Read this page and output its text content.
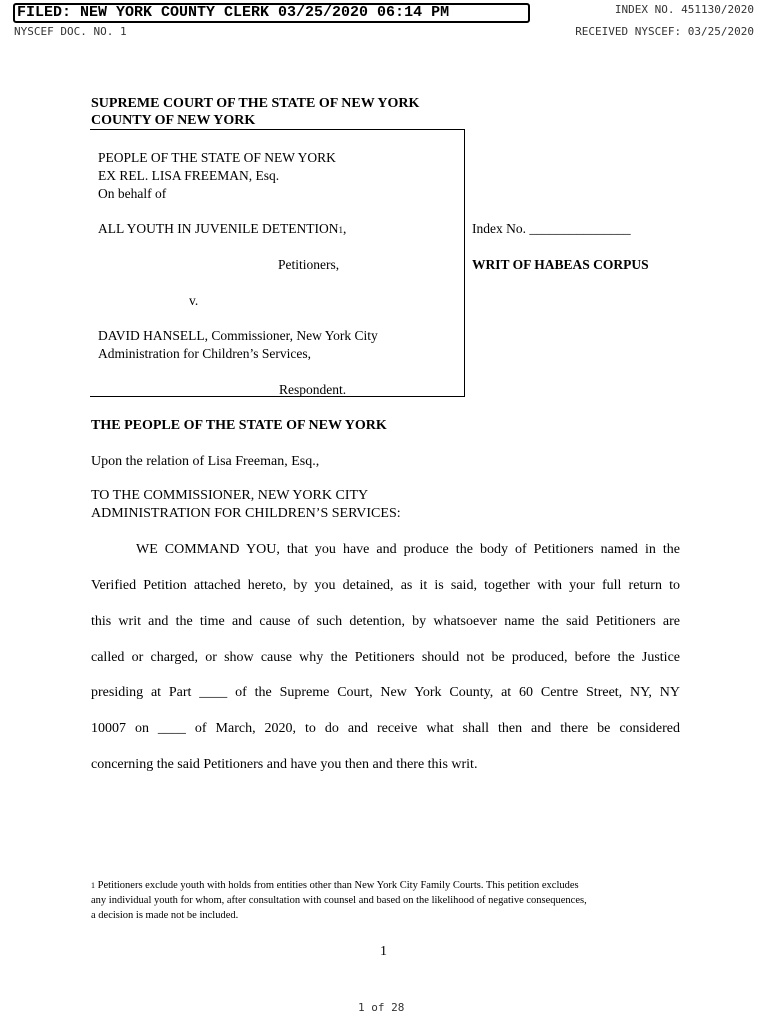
FILED: NEW YORK COUNTY CLERK 03/25/2020 06:14 PM	INDEX NO. 451130/2020
NYSCEF DOC. NO. 1	RECEIVED NYSCEF: 03/25/2020
SUPREME COURT OF THE STATE OF NEW YORK
COUNTY OF NEW YORK
PEOPLE OF THE STATE OF NEW YORK
EX REL. LISA FREEMAN, Esq.
On behalf of
ALL YOUTH IN JUVENILE DETENTION1,
Petitioners,
v.
DAVID HANSELL, Commissioner, New York City
Administration for Children’s Services,
Respondent.
Index No. _______________
WRIT OF HABEAS CORPUS
THE PEOPLE OF THE STATE OF NEW YORK
Upon the relation of Lisa Freeman, Esq.,
TO THE COMMISSIONER, NEW YORK CITY
ADMINISTRATION FOR CHILDREN’S SERVICES:
WE COMMAND YOU, that you have and produce the body of Petitioners named in the
Verified Petition attached hereto, by you detained, as it is said, together with your full return to
this writ and the time and cause of such detention, by whatsoever name the said Petitioners are
called or charged, or show cause why the Petitioners should not be produced, before the Justice
presiding at Part ____ of the Supreme Court, New York County, at 60 Centre Street, NY, NY
10007 on ____ of March, 2020, to do and receive what shall then and there be considered
concerning the said Petitioners and have you then and there this writ.
1 Petitioners exclude youth with holds from entities other than New York City Family Courts. This petition excludes
any individual youth for whom, after consultation with counsel and based on the likelihood of negative consequences,
a decision is made not be included.
1
1 of 28
